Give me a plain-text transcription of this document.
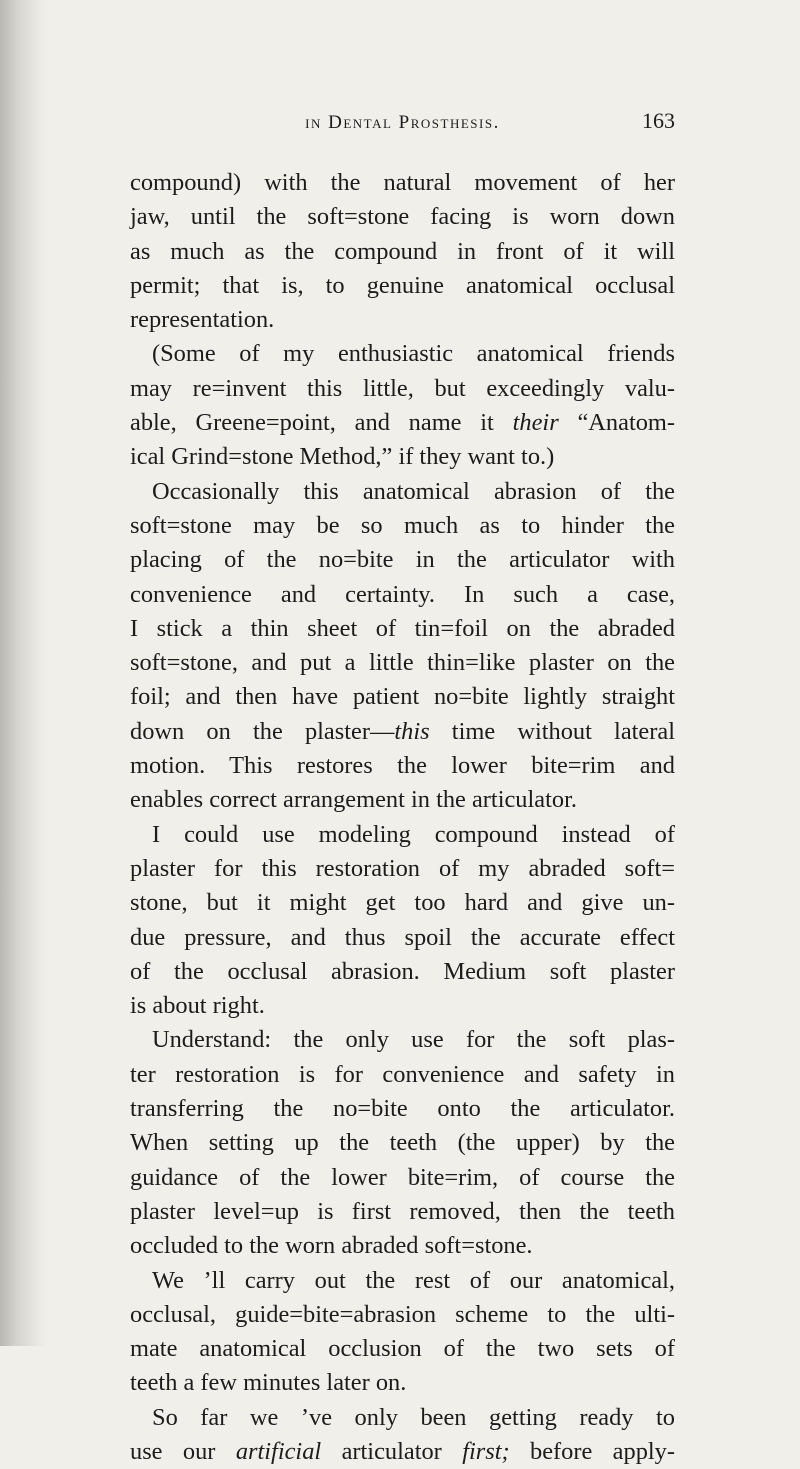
in Dental Prosthesis.	163
compound) with the natural movement of her
jaw, until the soft=stone facing is worn down
as much as the compound in front of it will
permit; that is, to genuine anatomical occlusal
representation.
(Some of my enthusiastic anatomical friends
may re=invent this little, but exceedingly valu-
able, Greene=point, and name it their “Anatom-
ical Grind=stone Method,” if they want to.)
Occasionally this anatomical abrasion of the
soft=stone may be so much as to hinder the
placing of the no=bite in the articulator with
convenience and certainty. In such a case,
I stick a thin sheet of tin=foil on the abraded
soft=stone, and put a little thin=like plaster on the
foil; and then have patient no=bite lightly straight
down on the plaster—this time without lateral
motion. This restores the lower bite=rim and
enables correct arrangement in the articulator.
I could use modeling compound instead of
plaster for this restoration of my abraded soft=
stone, but it might get too hard and give un-
due pressure, and thus spoil the accurate effect
of the occlusal abrasion. Medium soft plaster
is about right.
Understand: the only use for the soft plas-
ter restoration is for convenience and safety in
transferring the no=bite onto the articulator.
When setting up the teeth (the upper) by the
guidance of the lower bite=rim, of course the
plaster level=up is first removed, then the teeth
occluded to the worn abraded soft=stone.
We ’ll carry out the rest of our anatomical,
occlusal, guide=bite=abrasion scheme to the ulti-
mate anatomical occlusion of the two sets of
teeth a few minutes later on.
So far we ’ve only been getting ready to
use our artificial articulator first; before apply-
